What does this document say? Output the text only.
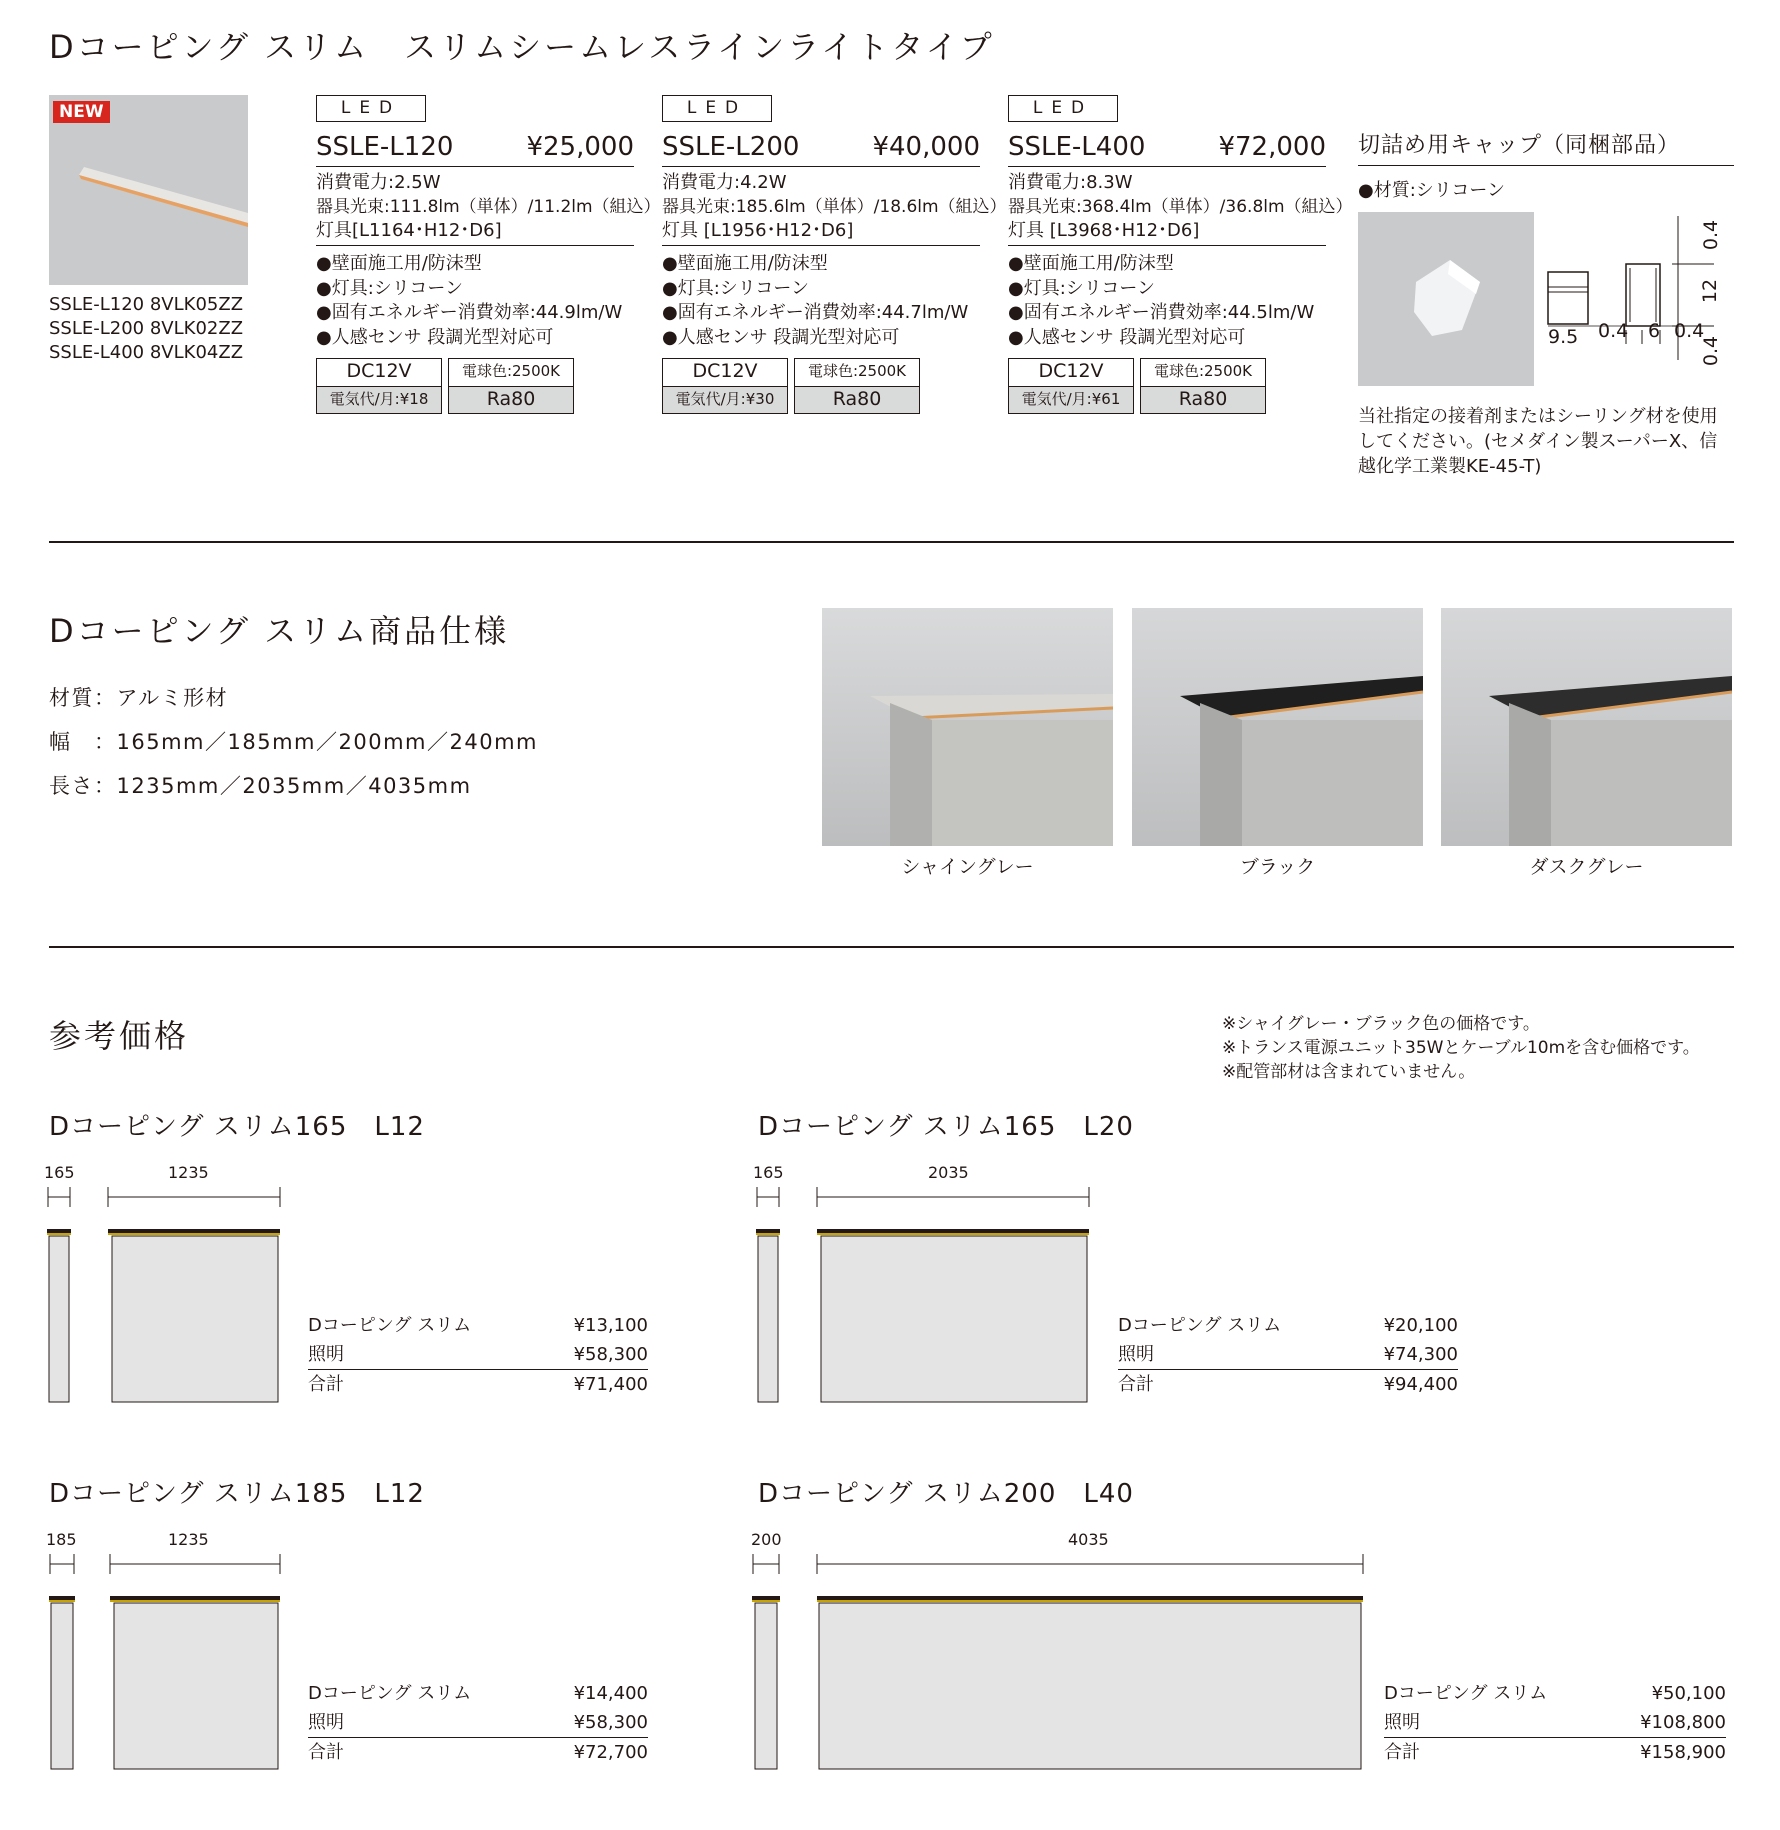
Dコーピング スリム　スリムシームレスラインライトタイプ
NEW
SSLE-L120 8VLK05ZZ
SSLE-L200 8VLK02ZZ
SSLE-L400 8VLK04ZZ
LED
SSLE-L120	¥25,000
消費電力:2.5W
器具光束:111.8lm（単体）/11.2lm（組込）
灯具[L1164･H12･D6]
●壁面施工用/防沫型
●灯具:シリコーン
●固有エネルギー消費効率:44.9lm/W
●人感センサ 段調光型対応可
DC12V
電気代/月:¥18
電球色:2500K
Ra80
LED
SSLE-L200	¥40,000
消費電力:4.2W
器具光束:185.6lm（単体）/18.6lm（組込）
灯具 [L1956･H12･D6]
●壁面施工用/防沫型
●灯具:シリコーン
●固有エネルギー消費効率:44.7lm/W
●人感センサ 段調光型対応可
DC12V
電気代/月:¥30
電球色:2500K
Ra80
LED
SSLE-L400	¥72,000
消費電力:8.3W
器具光束:368.4lm（単体）/36.8lm（組込）
灯具 [L3968･H12･D6]
●壁面施工用/防沫型
●灯具:シリコーン
●固有エネルギー消費効率:44.5lm/W
●人感センサ 段調光型対応可
DC12V
電気代/月:¥61
電球色:2500K
Ra80
切詰め用キャップ（同梱部品）
●材質:シリコーン
9.5 0.4 6 0.4
0.4
12
0.4
当社指定の接着剤またはシーリング材を使用してください。(セメダイン製スーパーX、信越化学工業製KE-45-T)
Dコーピング スリム商品仕様
材質：アルミ形材
幅　：165mm／185mm／200mm／240mm
長さ：1235mm／2035mm／4035mm
シャイングレー	ブラック	ダスクグレー
参考価格	※シャイグレー・ブラック色の価格です。
※トランス電源ユニット35Wとケーブル10mを含む価格です。
※配管部材は含まれていません。
Dコーピング スリム165　L12
165	1235
Dコーピング スリム	¥13,100
照明	¥58,300
合計	¥71,400
Dコーピング スリム165　L20
165	2035
Dコーピング スリム	¥20,100
照明	¥74,300
合計	¥94,400
Dコーピング スリム185　L12
185	1235
Dコーピング スリム	¥14,400
照明	¥58,300
合計	¥72,700
Dコーピング スリム200　L40
200	4035
Dコーピング スリム	¥50,100
照明	¥108,800
合計	¥158,900
